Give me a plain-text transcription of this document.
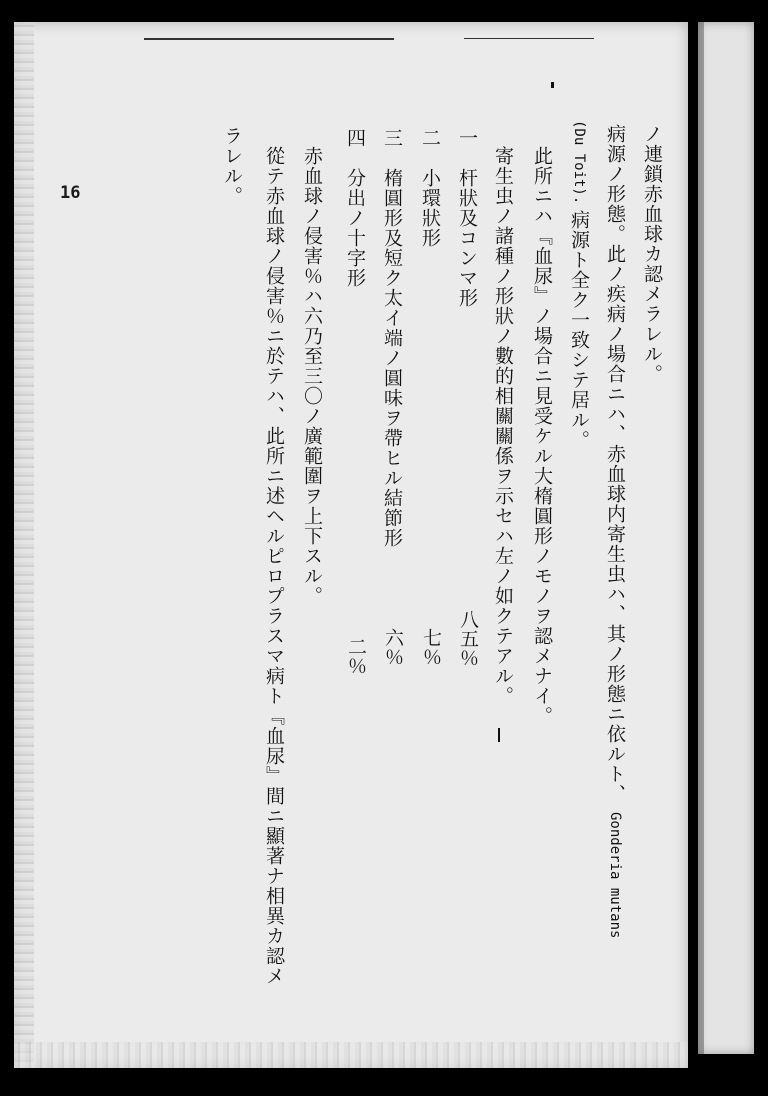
16	ノ連鎖赤血球カ認メラレル。
病源ノ形態。此ノ疾病ノ場合ニハ、赤血球内寄生虫ハ、其ノ形態ニ依ルト、Gonderia mutans
(Du Toit).病源ト全ク一致シテ居ル。
此所ニハ『血尿』ノ場合ニ見受ケル大楕圓形ノモノヲ認メナイ。
寄生虫ノ諸種ノ形狀ノ數的相關關係ヲ示セハ左ノ如クテアル。
一　杆狀及コンマ形
二　小環狀形
三　楕圓形及短ク太イ端ノ圓味ヲ帶ヒル結節形
四　分出ノ十字形
赤血球ノ侵害％ハ六乃至三〇ノ廣範圍ヲ上下スル。
從テ赤血球ノ侵害％ニ於テハ、此所ニ述ヘルピロプラスマ病ト『血尿』間ニ顯著ナ相異カ認メ
ラレル。
八五％
七％
六％
二％
